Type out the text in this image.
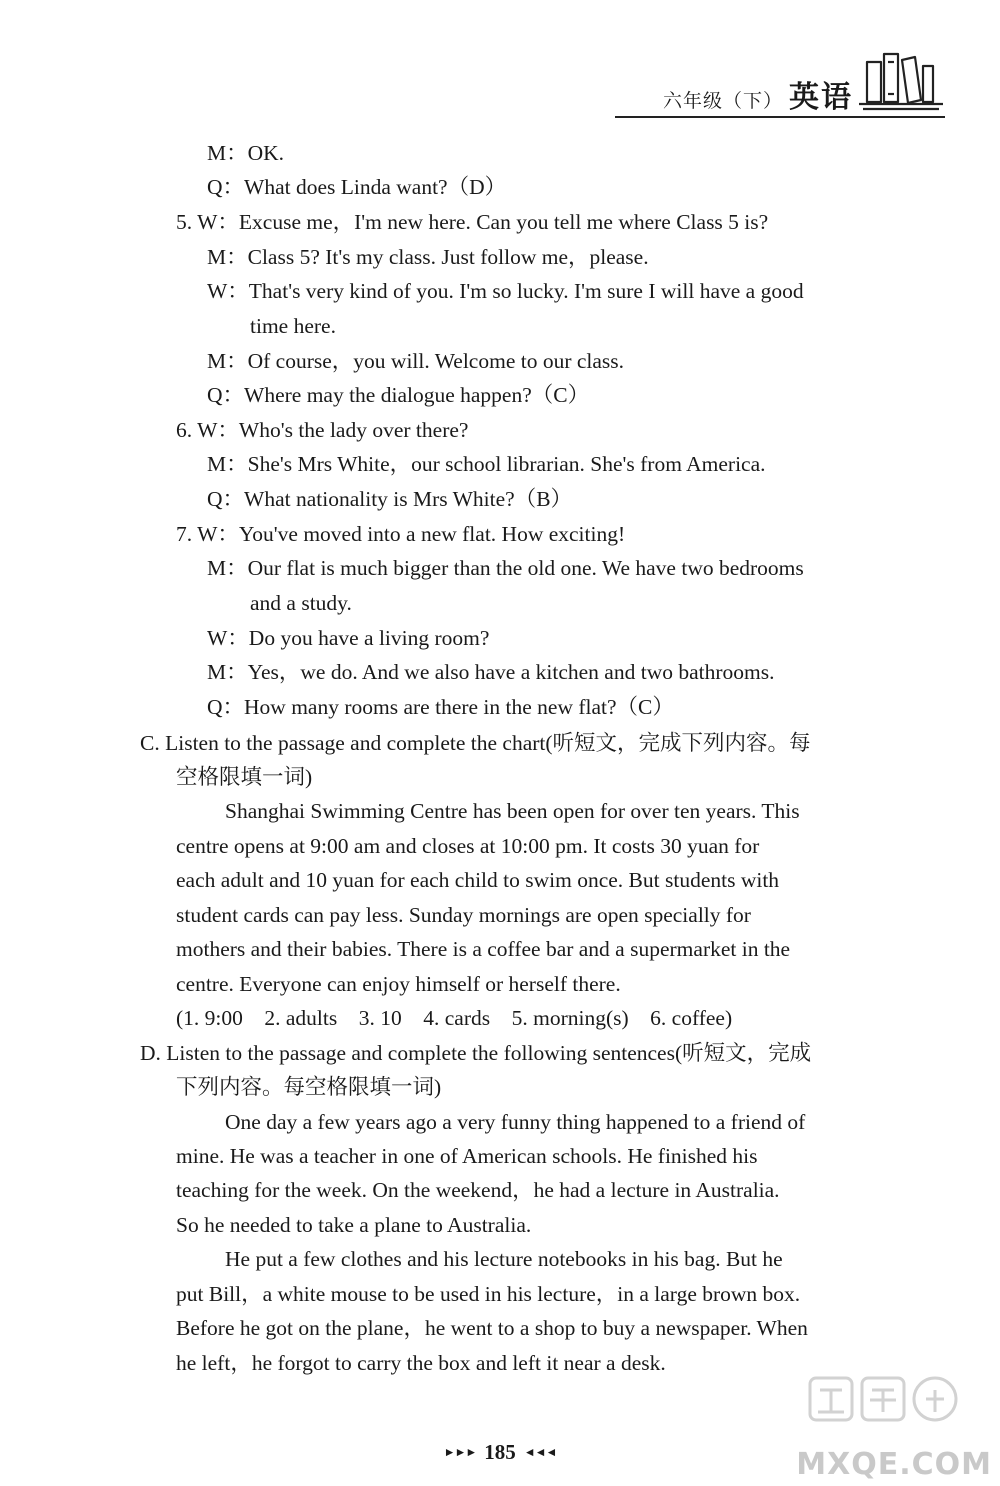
六年级（下） 英语
M：OK.
Q：What does Linda want?（D）
5. W：Excuse me，I'm new here. Can you tell me where Class 5 is?
M：Class 5? It's my class. Just follow me，please.
W：That's very kind of you. I'm so lucky. I'm sure I will have a good
time here.
M：Of course，you will. Welcome to our class.
Q：Where may the dialogue happen?（C）
6. W：Who's the lady over there?
M：She's Mrs White，our school librarian. She's from America.
Q：What nationality is Mrs White?（B）
7. W：You've moved into a new flat. How exciting!
M：Our flat is much bigger than the old one. We have two bedrooms
and a study.
W：Do you have a living room?
M：Yes，we do. And we also have a kitchen and two bathrooms.
Q：How many rooms are there in the new flat?（C）
C. Listen to the passage and complete the chart(听短文，完成下列内容。每
空格限填一词)
Shanghai Swimming Centre has been open for over ten years. This
centre opens at 9:00 am and closes at 10:00 pm. It costs 30 yuan for
each adult and 10 yuan for each child to swim once. But students with
student cards can pay less. Sunday mornings are open specially for
mothers and their babies. There is a coffee bar and a supermarket in the
centre. Everyone can enjoy himself or herself there.
(1. 9:00　2. adults　3. 10　4. cards　5. morning(s)　6. coffee)
D. Listen to the passage and complete the following sentences(听短文，完成
下列内容。每空格限填一词)
One day a few years ago a very funny thing happened to a friend of
mine. He was a teacher in one of American schools. He finished his
teaching for the week. On the weekend，he had a lecture in Australia.
So he needed to take a plane to Australia.
He put a few clothes and his lecture notebooks in his bag. But he
put Bill，a white mouse to be used in his lecture，in a large brown box.
Before he got on the plane，he went to a shop to buy a newspaper. When
he left，he forgot to carry the box and left it near a desk.
►►► 185 ◄◄◄	MXQE.COM
